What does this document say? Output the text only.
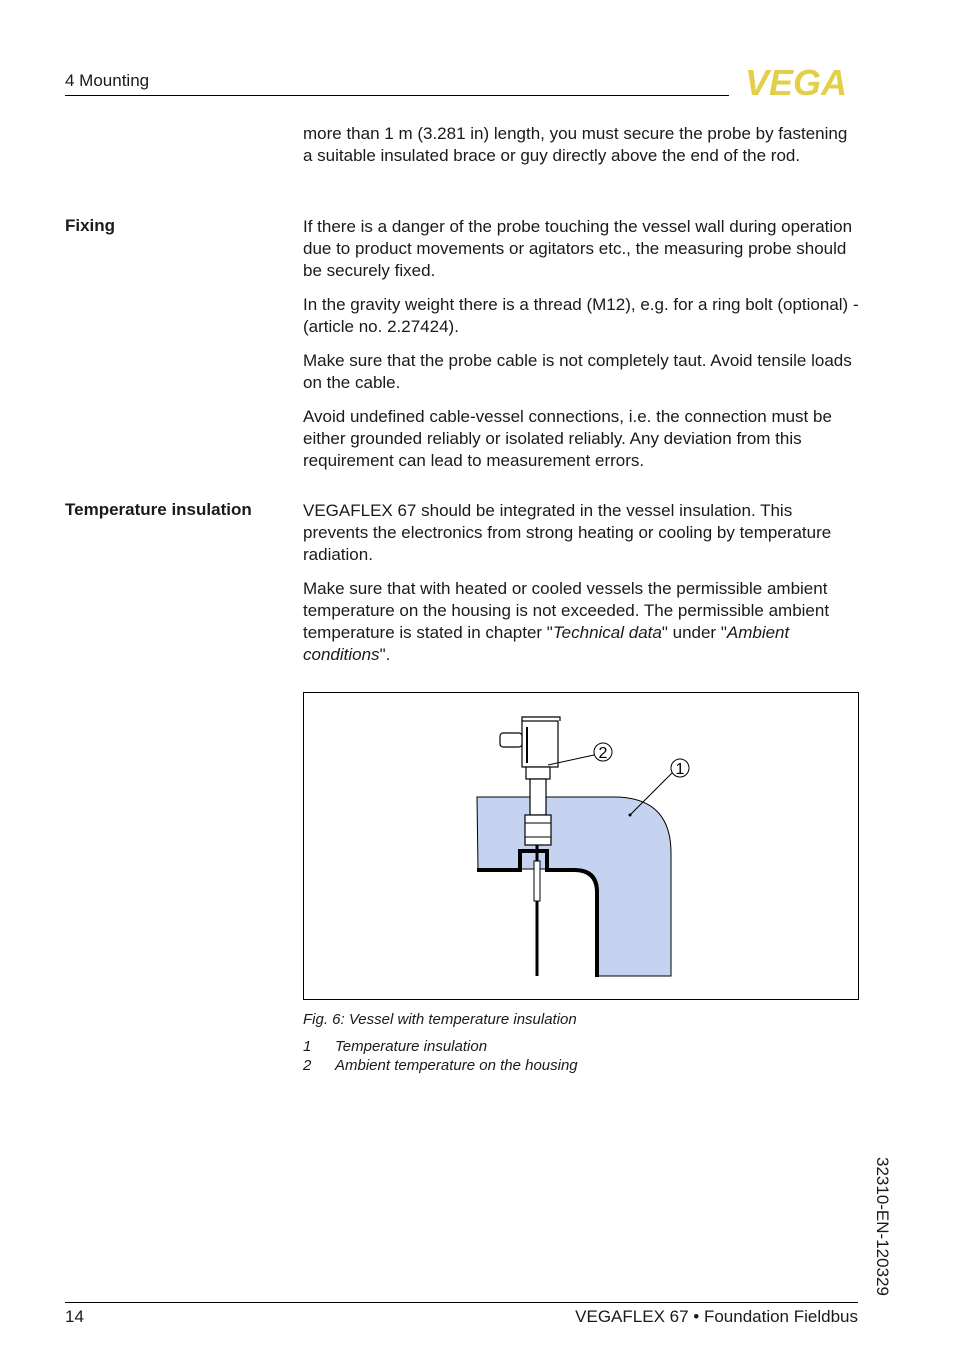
4 Mounting	VEGA

more than 1 m (3.281 in) length, you must secure the probe by fastening a suitable insulated brace or guy directly above the end of the rod.

Fixing	If there is a danger of the probe touching the vessel wall during operation due to product movements or agitators etc., the measuring probe should be securely fixed.

In the gravity weight there is a thread (M12), e.g. for a ring bolt (optional) - (article no. 2.27424).

Make sure that the probe cable is not completely taut. Avoid tensile loads on the cable.

Avoid undefined cable-vessel connections, i.e. the connection must be either grounded reliably or isolated reliably. Any deviation from this requirement can lead to measurement errors.

Temperature insulation	VEGAFLEX 67 should be integrated in the vessel insulation. This prevents the electronics from strong heating or cooling by temperature radiation.

Make sure that with heated or cooled vessels the permissible ambient temperature on the housing is not exceeded. The permissible ambient temperature is stated in chapter "Technical data" under "Ambient conditions".

2
1
Fig. 6: Vessel with temperature insulation
1 Temperature insulation
2 Ambient temperature on the housing
32310-EN-120329
14	VEGAFLEX 67 • Foundation Fieldbus
